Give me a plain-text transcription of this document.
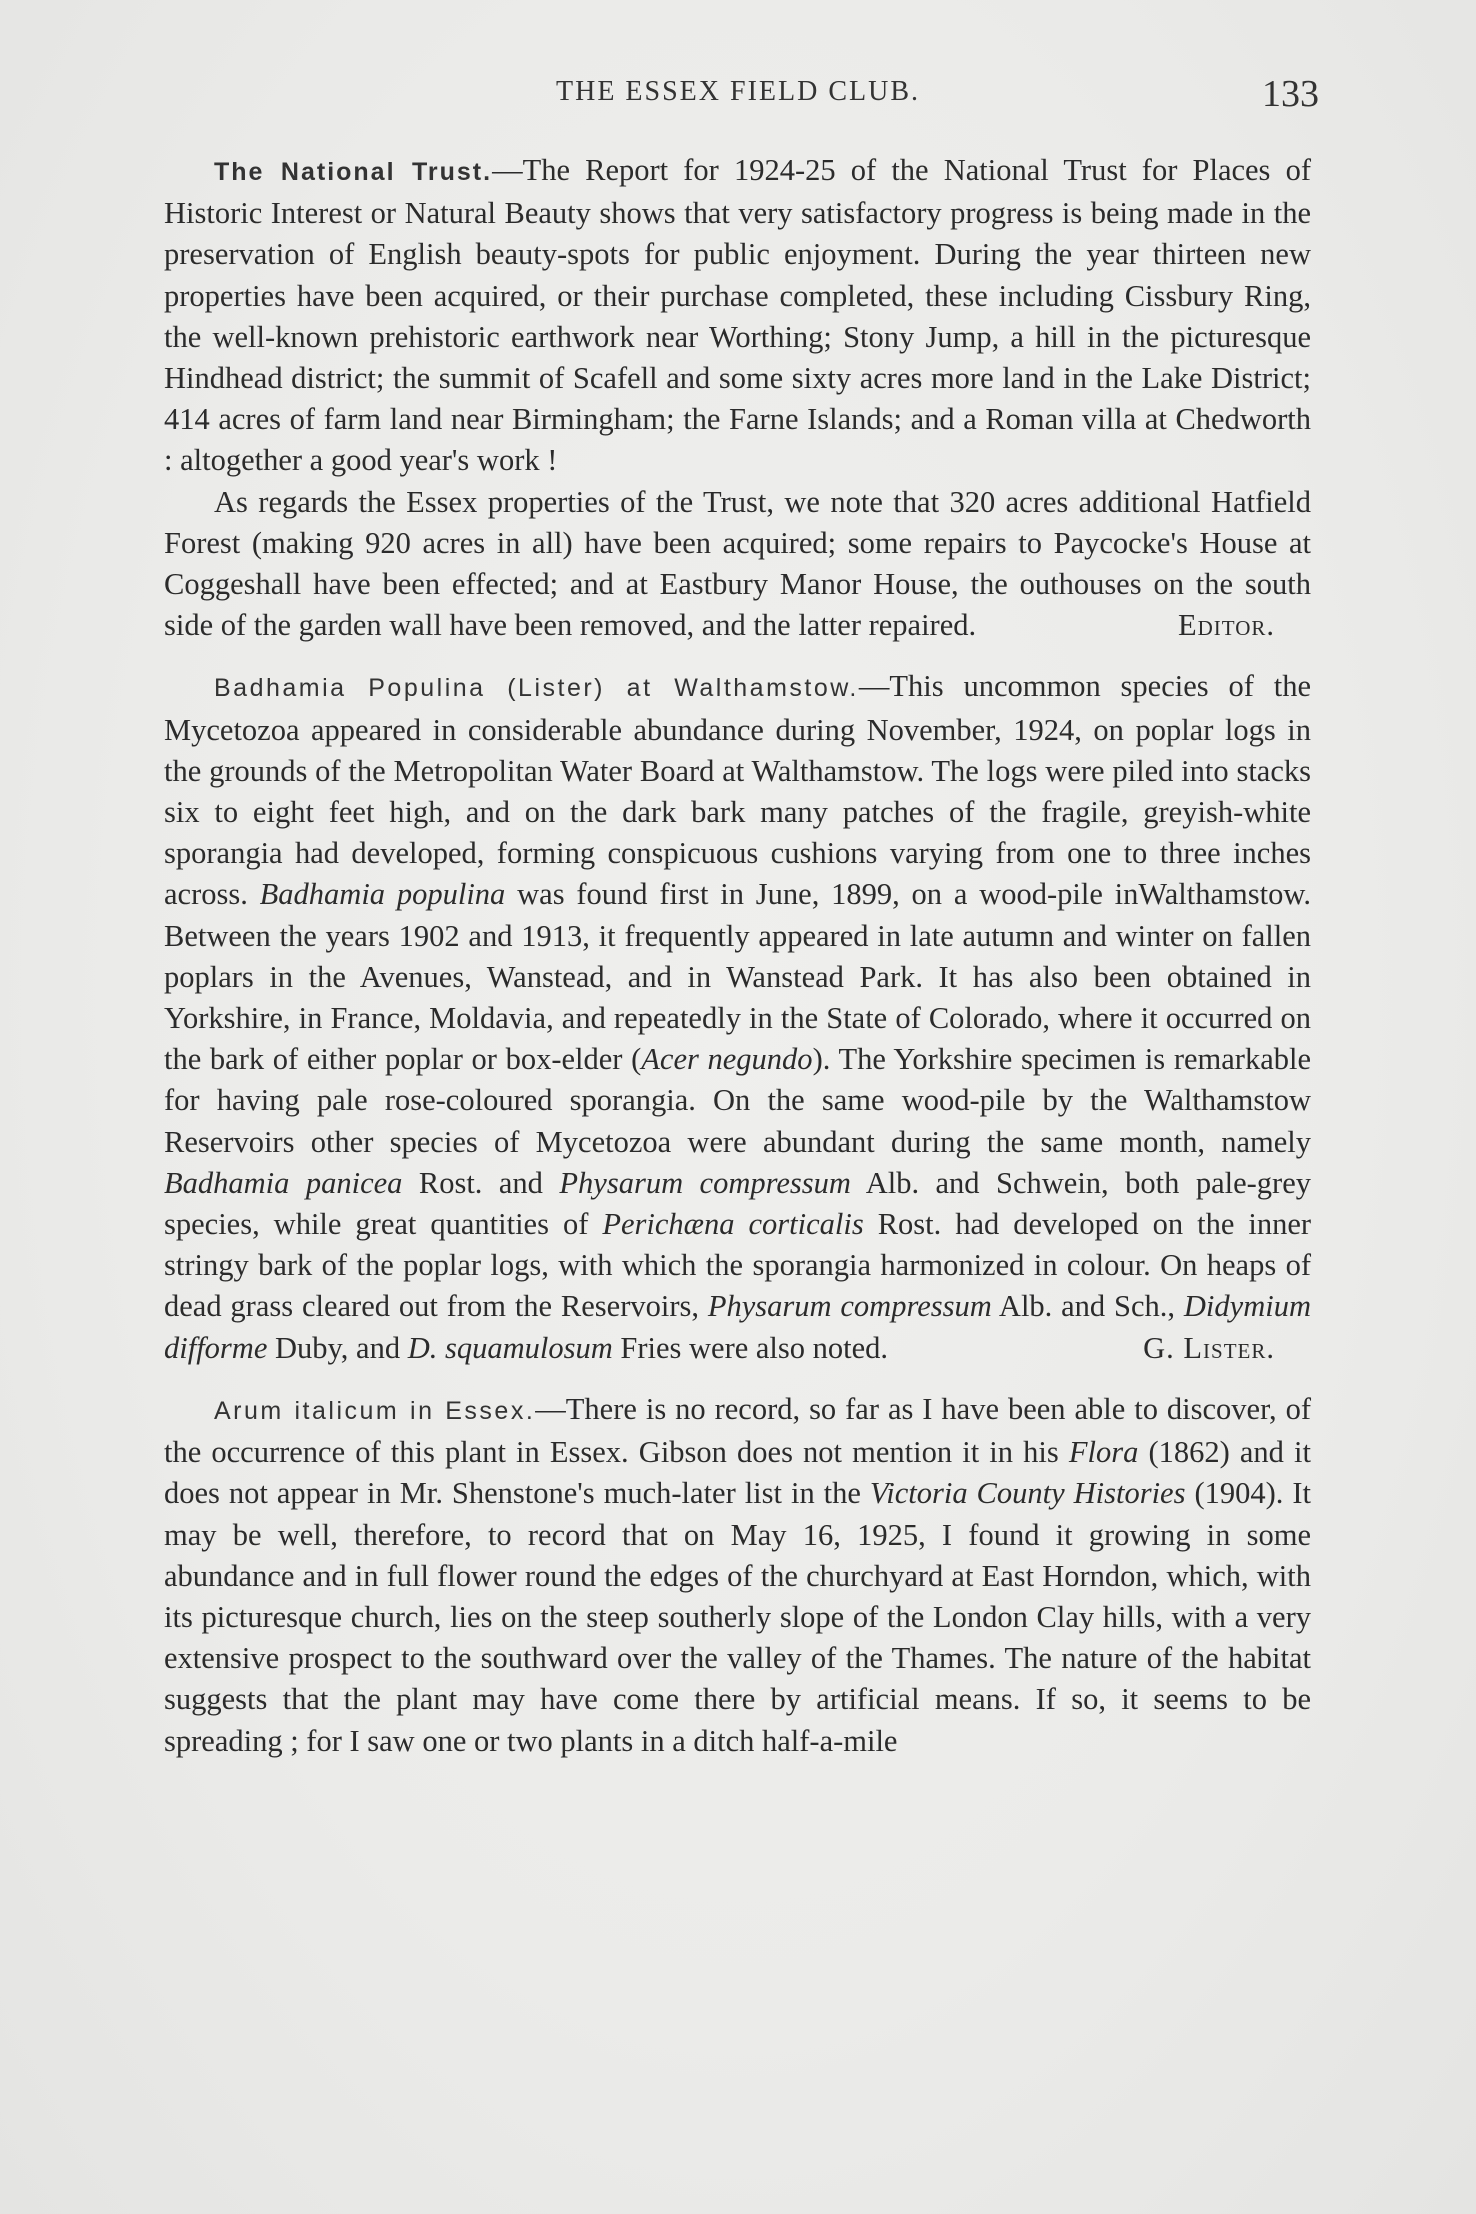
THE ESSEX FIELD CLUB.	133

The National Trust.—The Report for 1924-25 of the National Trust for Places of Historic Interest or Natural Beauty shows that very satisfactory progress is being made in the preservation of English beauty-spots for public enjoyment. During the year thirteen new properties have been acquired, or their purchase completed, these including Cissbury Ring, the well-known prehistoric earthwork near Worthing; Stony Jump, a hill in the picturesque Hindhead district; the summit of Scafell and some sixty acres more land in the Lake District; 414 acres of farm land near Birmingham; the Farne Islands; and a Roman villa at Chedworth : altogether a good year's work !

As regards the Essex properties of the Trust, we note that 320 acres additional Hatfield Forest (making 920 acres in all) have been acquired; some repairs to Paycocke's House at Coggeshall have been effected; and at Eastbury Manor House, the outhouses on the south side of the garden wall have been removed, and the latter repaired.	Editor.

Badhamia Populina (Lister) at Walthamstow.—This uncommon species of the Mycetozoa appeared in considerable abundance during November, 1924, on poplar logs in the grounds of the Metropolitan Water Board at Walthamstow. The logs were piled into stacks six to eight feet high, and on the dark bark many patches of the fragile, greyish-white sporangia had developed, forming conspicuous cushions varying from one to three inches across. Badhamia populina was found first in June, 1899, on a wood-pile inWalthamstow. Between the years 1902 and 1913, it frequently appeared in late autumn and winter on fallen poplars in the Avenues, Wanstead, and in Wanstead Park. It has also been obtained in Yorkshire, in France, Moldavia, and repeatedly in the State of Colorado, where it occurred on the bark of either poplar or box-elder (Acer negundo). The Yorkshire specimen is remarkable for having pale rose-coloured sporangia. On the same wood-pile by the Walthamstow Reservoirs other species of Mycetozoa were abundant during the same month, namely Badhamia panicea Rost. and Physarum compressum Alb. and Schwein, both pale-grey species, while great quantities of Perichæna corticalis Rost. had developed on the inner stringy bark of the poplar logs, with which the sporangia harmonized in colour. On heaps of dead grass cleared out from the Reservoirs, Physarum compressum Alb. and Sch., Didymium difforme Duby, and D. squamulosum Fries were also noted.	G. Lister.

Arum italicum in Essex.—There is no record, so far as I have been able to discover, of the occurrence of this plant in Essex. Gibson does not mention it in his Flora (1862) and it does not appear in Mr. Shenstone's much-later list in the Victoria County Histories (1904). It may be well, therefore, to record that on May 16, 1925, I found it growing in some abundance and in full flower round the edges of the churchyard at East Horndon, which, with its picturesque church, lies on the steep southerly slope of the London Clay hills, with a very extensive prospect to the southward over the valley of the Thames. The nature of the habitat suggests that the plant may have come there by artificial means. If so, it seems to be spreading ; for I saw one or two plants in a ditch half-a-mile
